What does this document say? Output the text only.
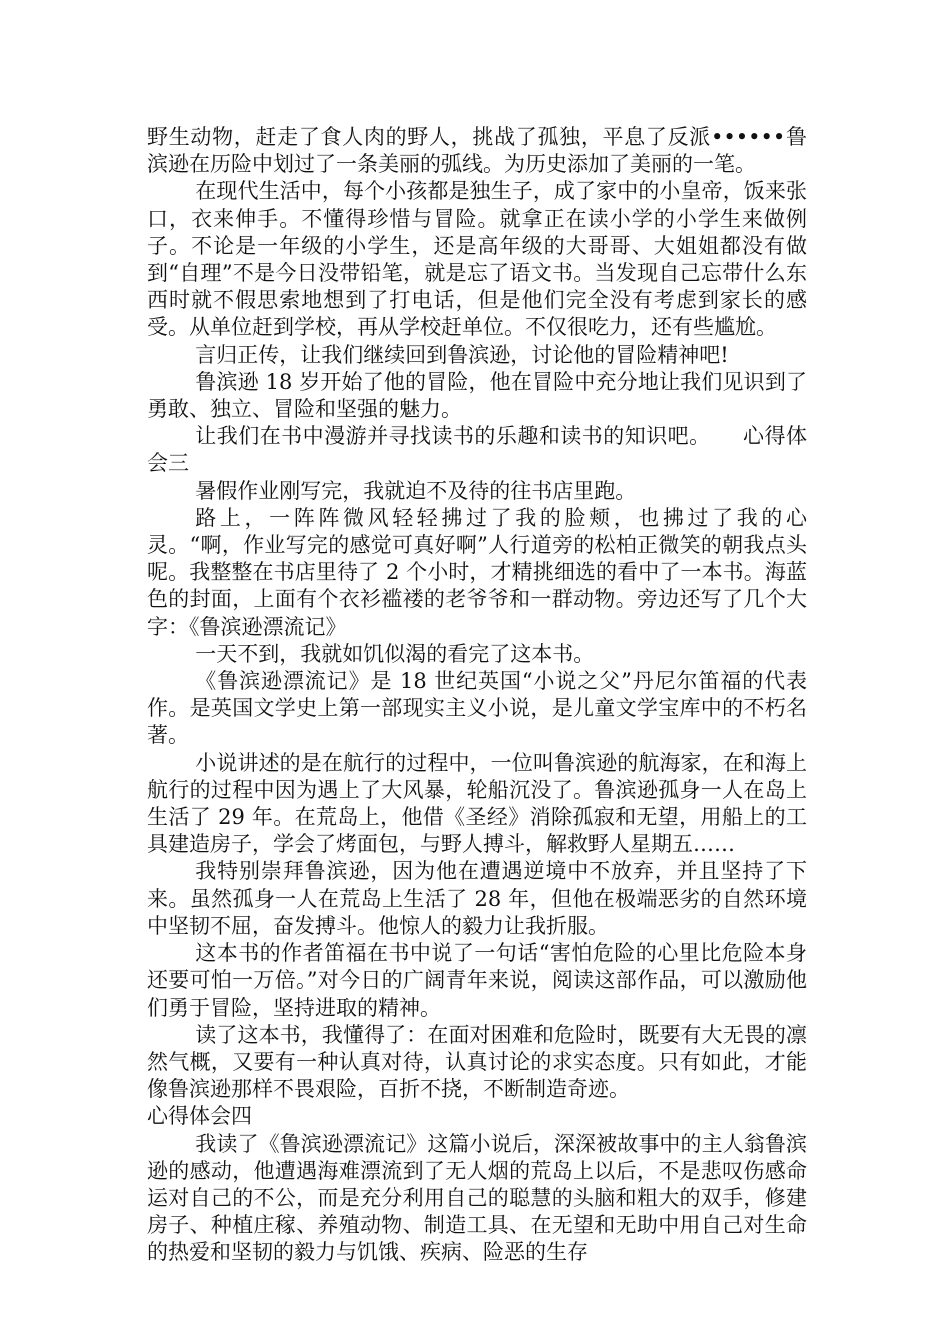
野生动物，赶走了食人肉的野人，挑战了孤独，平息了反派••••••鲁滨逊在历险中划过了一条美丽的弧线。为历史添加了美丽的一笔。

在现代生活中，每个小孩都是独生子，成了家中的小皇帝，饭来张口，衣来伸手。不懂得珍惜与冒险。就拿正在读小学的小学生来做例子。不论是一年级的小学生，还是高年级的大哥哥、大姐姐都没有做到“自理”不是今日没带铅笔，就是忘了语文书。当发现自己忘带什么东西时就不假思索地想到了打电话，但是他们完全没有考虑到家长的感受。从单位赶到学校，再从学校赶单位。不仅很吃力，还有些尴尬。

言归正传，让我们继续回到鲁滨逊，讨论他的冒险精神吧!

鲁滨逊 18 岁开始了他的冒险，他在冒险中充分地让我们见识到了勇敢、独立、冒险和坚强的魅力。

让我们在书中漫游并寻找读书的乐趣和读书的知识吧。　　心得体会三

暑假作业刚写完，我就迫不及待的往书店里跑。

路上，一阵阵微风轻轻拂过了我的脸颊，也拂过了我的心灵。“啊，作业写完的感觉可真好啊”人行道旁的松柏正微笑的朝我点头呢。我整整在书店里待了 2 个小时，才精挑细选的看中了一本书。海蓝色的封面，上面有个衣衫褴褛的老爷爷和一群动物。旁边还写了几个大字：《鲁滨逊漂流记》

一天不到，我就如饥似渴的看完了这本书。

《鲁滨逊漂流记》是 18 世纪英国“小说之父”丹尼尔笛福的代表作。是英国文学史上第一部现实主义小说，是儿童文学宝库中的不朽名著。

小说讲述的是在航行的过程中，一位叫鲁滨逊的航海家，在和海上航行的过程中因为遇上了大风暴，轮船沉没了。鲁滨逊孤身一人在岛上生活了 29 年。在荒岛上，他借《圣经》消除孤寂和无望，用船上的工具建造房子，学会了烤面包，与野人搏斗，解救野人星期五……

我特别崇拜鲁滨逊，因为他在遭遇逆境中不放弃，并且坚持了下来。虽然孤身一人在荒岛上生活了 28 年，但他在极端恶劣的自然环境中坚韧不屈，奋发搏斗。他惊人的毅力让我折服。

这本书的作者笛福在书中说了一句话“害怕危险的心里比危险本身还要可怕一万倍。”对今日的广阔青年来说，阅读这部作品，可以激励他们勇于冒险，坚持进取的精神。

读了这本书，我懂得了：在面对困难和危险时，既要有大无畏的凛然气概，又要有一种认真对待，认真讨论的求实态度。只有如此，才能像鲁滨逊那样不畏艰险，百折不挠，不断制造奇迹。

心得体会四

我读了《鲁滨逊漂流记》这篇小说后，深深被故事中的主人翁鲁滨逊的感动，他遭遇海难漂流到了无人烟的荒岛上以后，不是悲叹伤感命运对自己的不公，而是充分利用自己的聪慧的头脑和粗大的双手，修建房子、种植庄稼、养殖动物、制造工具、在无望和无助中用自己对生命的热爱和坚韧的毅力与饥饿、疾病、险恶的生存
